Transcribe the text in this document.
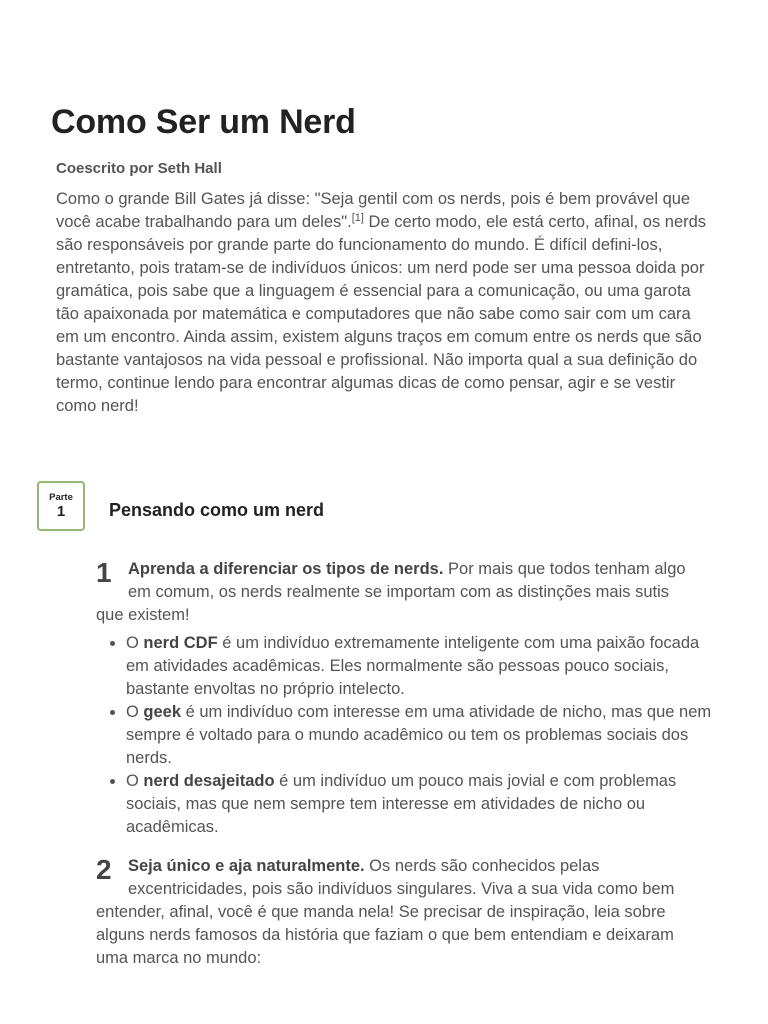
Como Ser um Nerd
Coescrito por Seth Hall

Como o grande Bill Gates já disse: "Seja gentil com os nerds, pois é bem provável que você acabe trabalhando para um deles".[1] De certo modo, ele está certo, afinal, os nerds são responsáveis por grande parte do funcionamento do mundo. É difícil defini-los, entretanto, pois tratam-se de indivíduos únicos: um nerd pode ser uma pessoa doida por gramática, pois sabe que a linguagem é essencial para a comunicação, ou uma garota tão apaixonada por matemática e computadores que não sabe como sair com um cara em um encontro. Ainda assim, existem alguns traços em comum entre os nerds que são bastante vantajosos na vida pessoal e profissional. Não importa qual a sua definição do termo, continue lendo para encontrar algumas dicas de como pensar, agir e se vestir como nerd!

Parte
1	Pensando como um nerd

1 Aprenda a diferenciar os tipos de nerds. Por mais que todos tenham algo em comum, os nerds realmente se importam com as distinções mais sutis que existem!

• O nerd CDF é um indivíduo extremamente inteligente com uma paixão focada em atividades acadêmicas. Eles normalmente são pessoas pouco sociais, bastante envoltas no próprio intelecto.
• O geek é um indivíduo com interesse em uma atividade de nicho, mas que nem sempre é voltado para o mundo acadêmico ou tem os problemas sociais dos nerds.
• O nerd desajeitado é um indivíduo um pouco mais jovial e com problemas sociais, mas que nem sempre tem interesse em atividades de nicho ou acadêmicas.

2 Seja único e aja naturalmente. Os nerds são conhecidos pelas excentricidades, pois são indivíduos singulares. Viva a sua vida como bem entender, afinal, você é que manda nela! Se precisar de inspiração, leia sobre alguns nerds famosos da história que faziam o que bem entendiam e deixaram uma marca no mundo:
